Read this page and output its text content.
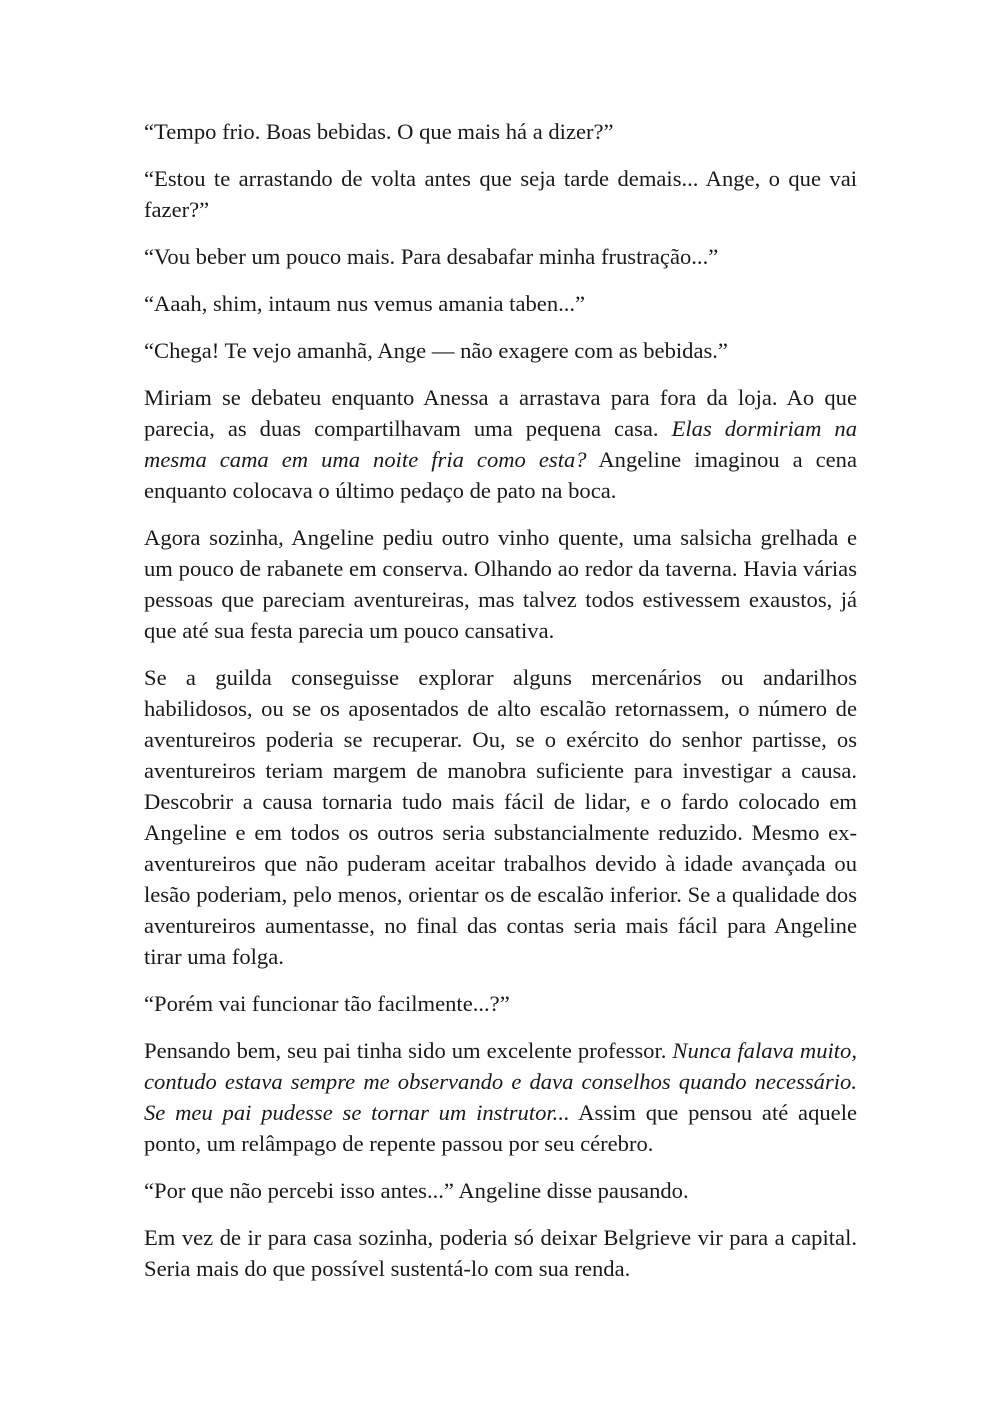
“Tempo frio. Boas bebidas. O que mais há a dizer?”

“Estou te arrastando de volta antes que seja tarde demais... Ange, o que vai fazer?”

“Vou beber um pouco mais. Para desabafar minha frustração...”

“Aaah, shim, intaum nus vemus amania taben...”

“Chega! Te vejo amanhã, Ange — não exagere com as bebidas.”

Miriam se debateu enquanto Anessa a arrastava para fora da loja. Ao que parecia, as duas compartilhavam uma pequena casa. Elas dormiriam na mesma cama em uma noite fria como esta? Angeline imaginou a cena enquanto colocava o último pedaço de pato na boca.

Agora sozinha, Angeline pediu outro vinho quente, uma salsicha grelhada e um pouco de rabanete em conserva. Olhando ao redor da taverna. Havia várias pessoas que pareciam aventureiras, mas talvez todos estivessem exaustos, já que até sua festa parecia um pouco cansativa.

Se a guilda conseguisse explorar alguns mercenários ou andarilhos habilidosos, ou se os aposentados de alto escalão retornassem, o número de aventureiros poderia se recuperar. Ou, se o exército do senhor partisse, os aventureiros teriam margem de manobra suficiente para investigar a causa. Descobrir a causa tornaria tudo mais fácil de lidar, e o fardo colocado em Angeline e em todos os outros seria substancialmente reduzido. Mesmo ex-aventureiros que não puderam aceitar trabalhos devido à idade avançada ou lesão poderiam, pelo menos, orientar os de escalão inferior. Se a qualidade dos aventureiros aumentasse, no final das contas seria mais fácil para Angeline tirar uma folga.

“Porém vai funcionar tão facilmente...?”

Pensando bem, seu pai tinha sido um excelente professor. Nunca falava muito, contudo estava sempre me observando e dava conselhos quando necessário. Se meu pai pudesse se tornar um instrutor... Assim que pensou até aquele ponto, um relâmpago de repente passou por seu cérebro.

“Por que não percebi isso antes...” Angeline disse pausando.

Em vez de ir para casa sozinha, poderia só deixar Belgrieve vir para a capital. Seria mais do que possível sustentá-lo com sua renda.
